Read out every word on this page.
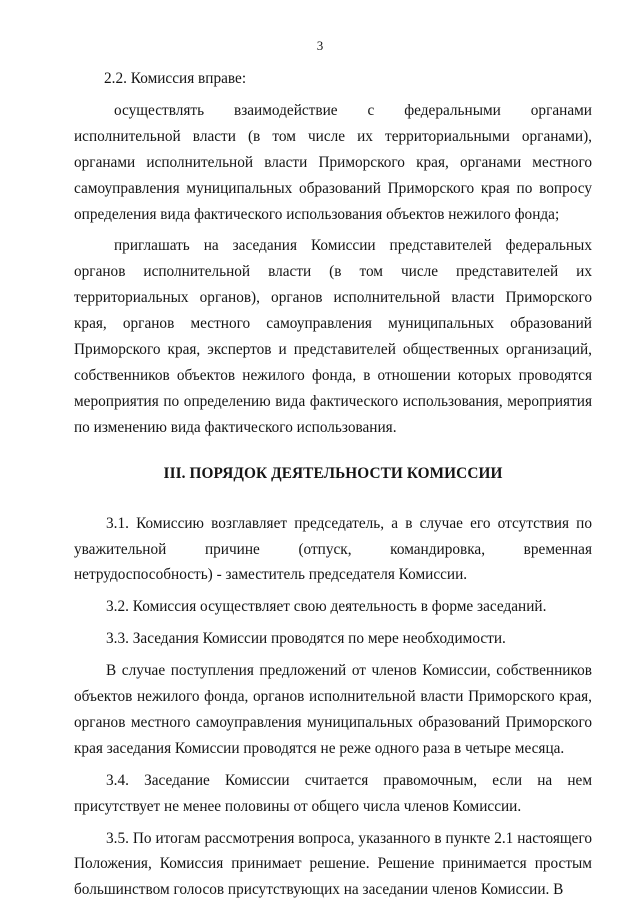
3

2.2. Комиссия вправе:

осуществлять взаимодействие с федеральными органами исполнительной власти (в том числе их территориальными органами), органами исполнительной власти Приморского края, органами местного самоуправления муниципальных образований Приморского края по вопросу определения вида фактического использования объектов нежилого фонда;

приглашать на заседания Комиссии представителей федеральных органов исполнительной власти (в том числе представителей их территориальных органов), органов исполнительной власти Приморского края, органов местного самоуправления муниципальных образований Приморского края, экспертов и представителей общественных организаций, собственников объектов нежилого фонда, в отношении которых проводятся мероприятия по определению вида фактического использования, мероприятия по изменению вида фактического использования.

III. ПОРЯДОК ДЕЯТЕЛЬНОСТИ КОМИССИИ

3.1. Комиссию возглавляет председатель, а в случае его отсутствия по уважительной причине (отпуск, командировка, временная нетрудоспособность) - заместитель председателя Комиссии.

3.2. Комиссия осуществляет свою деятельность в форме заседаний.

3.3. Заседания Комиссии проводятся по мере необходимости.

В случае поступления предложений от членов Комиссии, собственников объектов нежилого фонда, органов исполнительной власти Приморского края, органов местного самоуправления муниципальных образований Приморского края заседания Комиссии проводятся не реже одного раза в четыре месяца.

3.4. Заседание Комиссии считается правомочным, если на нем присутствует не менее половины от общего числа членов Комиссии.

3.5. По итогам рассмотрения вопроса, указанного в пункте 2.1 настоящего Положения, Комиссия принимает решение. Решение принимается простым большинством голосов присутствующих на заседании членов Комиссии. В
